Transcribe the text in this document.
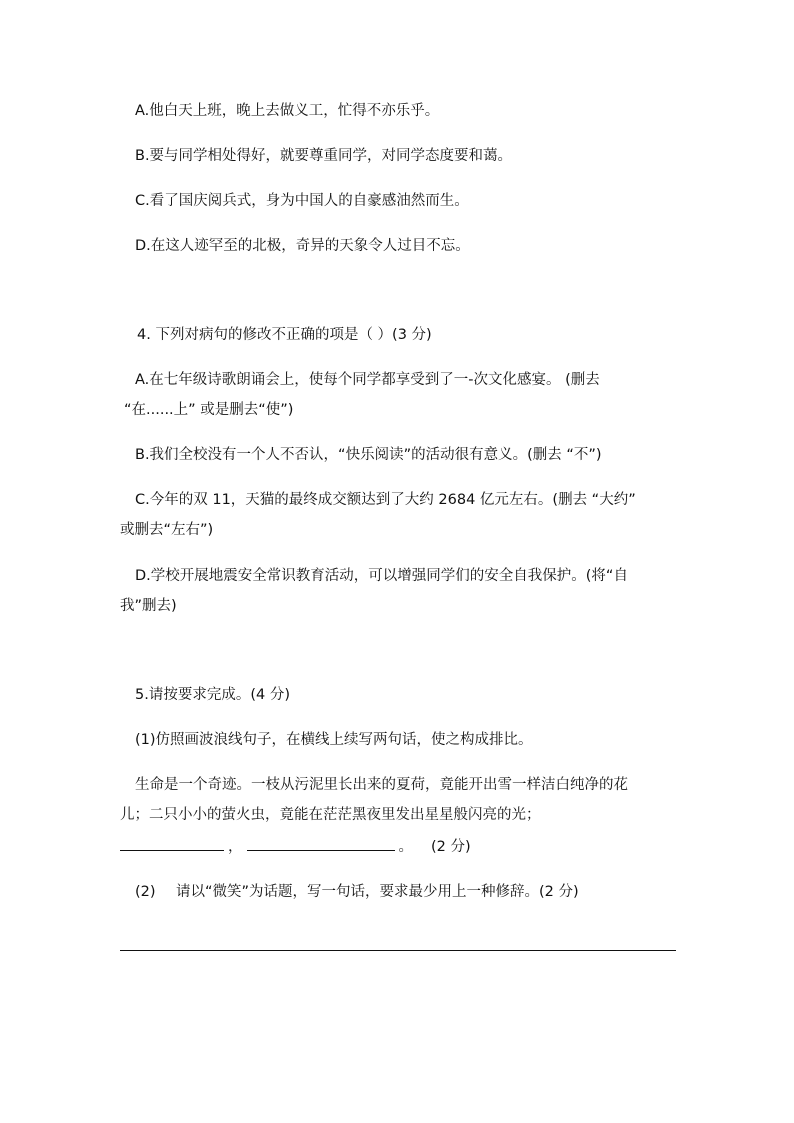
A.他白天上班，晚上去做义工，忙得不亦乐乎。
B.要与同学相处得好，就要尊重同学，对同学态度要和蔼。
C.看了国庆阅兵式，身为中国人的自豪感油然而生。
D.在这人迹罕至的北极，奇异的天象令人过目不忘。
4. 下列对病句的修改不正确的项是（ ）(3 分)
A.在七年级诗歌朗诵会上，使每个同学都享受到了一-次文化感宴。 (删去
“在......上” 或是删去“使”)
B.我们全校没有一个人不否认，“快乐阅读”的活动很有意义。(删去 “不”)
C.今年的双 11，天猫的最终成交额达到了大约 2684 亿元左右。(删去 “大约”
或删去“左右”)
D.学校开展地震安全常识教育活动，可以增强同学们的安全自我保护。(将“自
我”删去)
5.请按要求完成。(4 分)
(1)仿照画波浪线句子，在横线上续写两句话，使之构成排比。
生命是一个奇迹。一枝从污泥里长出来的夏荷，竟能开出雪一样洁白纯净的花
儿；二只小小的萤火虫，竟能在茫茫黑夜里发出星星般闪亮的光；
，	。 (2 分)
(2) 请以“微笑”为话题，写一句话，要求最少用上一种修辞。(2 分)
